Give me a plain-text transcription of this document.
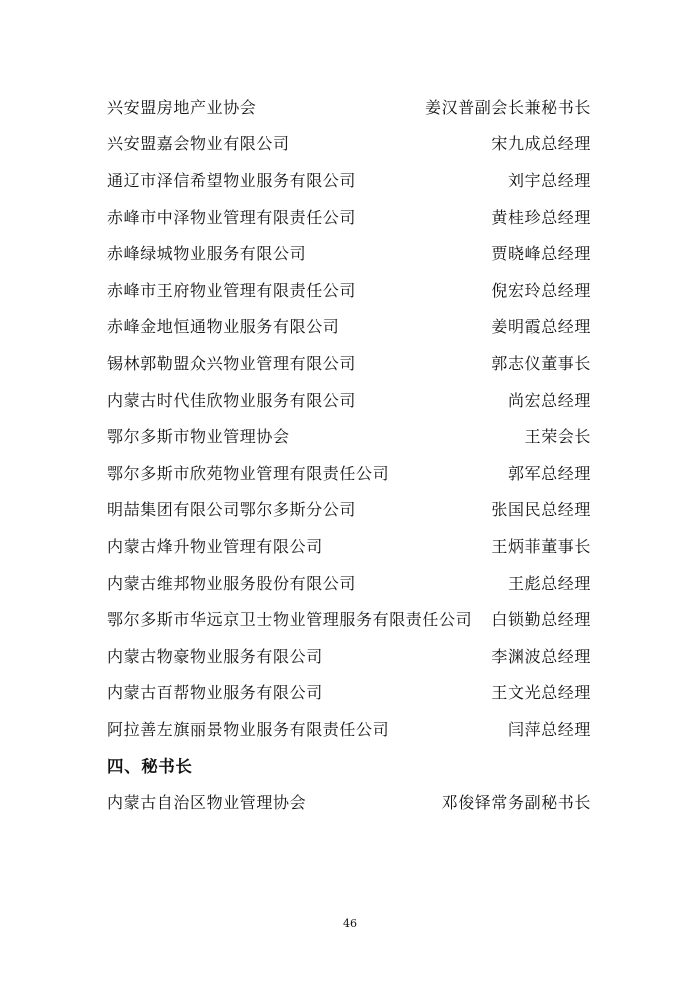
兴安盟房地产业协会	姜汉普副会长兼秘书长
兴安盟嘉会物业有限公司	宋九成总经理
通辽市泽信希望物业服务有限公司	刘宇总经理
赤峰市中泽物业管理有限责任公司	黄桂珍总经理
赤峰绿城物业服务有限公司	贾晓峰总经理
赤峰市王府物业管理有限责任公司	倪宏玲总经理
赤峰金地恒通物业服务有限公司	姜明霞总经理
锡林郭勒盟众兴物业管理有限公司	郭志仪董事长
内蒙古时代佳欣物业服务有限公司	尚宏总经理
鄂尔多斯市物业管理协会	王荣会长
鄂尔多斯市欣苑物业管理有限责任公司	郭军总经理
明喆集团有限公司鄂尔多斯分公司	张国民总经理
内蒙古烽升物业管理有限公司	王炳菲董事长
内蒙古维邦物业服务股份有限公司	王彪总经理
鄂尔多斯市华远京卫士物业管理服务有限责任公司 白锁勤总经理
内蒙古物豪物业服务有限公司	李渊波总经理
内蒙古百帮物业服务有限公司	王文光总经理
阿拉善左旗丽景物业服务有限责任公司	闫萍总经理
四、秘书长
内蒙古自治区物业管理协会	邓俊铎常务副秘书长
46
